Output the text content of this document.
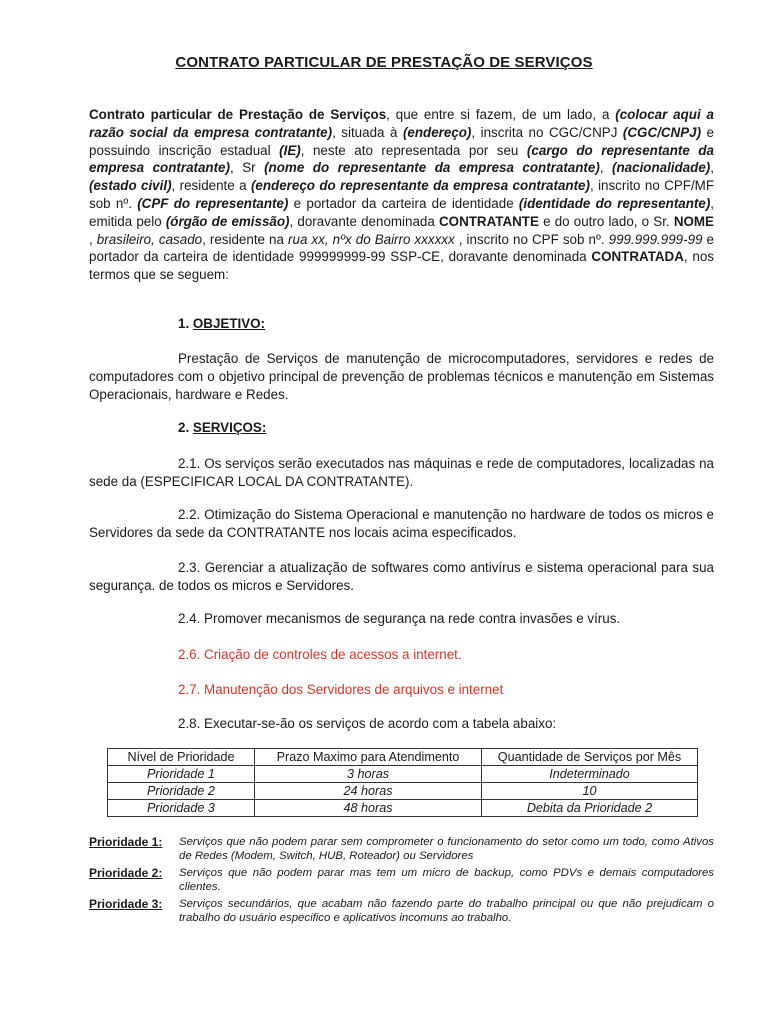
CONTRATO PARTICULAR DE PRESTAÇÃO DE SERVIÇOS
Contrato particular de Prestação de Serviços, que entre si fazem, de um lado, a (colocar aqui a razão social da empresa contratante), situada à (endereço), inscrita no CGC/CNPJ (CGC/CNPJ) e possuindo inscrição estadual (IE), neste ato representada por seu (cargo do representante da empresa contratante), Sr (nome do representante da empresa contratante), (nacionalidade), (estado civil), residente a (endereço do representante da empresa contratante), inscrito no CPF/MF sob nº. (CPF do representante) e portador da carteira de identidade (identidade do representante), emitida pelo (órgão de emissão), doravante denominada CONTRATANTE e do outro lado, o Sr. NOME , brasileiro, casado, residente na rua xx, nºx do Bairro xxxxxx , inscrito no CPF sob nº. 999.999.999-99 e portador da carteira de identidade 999999999-99 SSP-CE, doravante denominada CONTRATADA, nos termos que se seguem:
1. OBJETIVO:
Prestação de Serviços de manutenção de microcomputadores, servidores e redes de computadores com o objetivo principal de prevenção de problemas técnicos e manutenção em Sistemas Operacionais, hardware e Redes.
2. SERVIÇOS:
2.1. Os serviços serão executados nas máquinas e rede de computadores, localizadas na sede da (ESPECIFICAR LOCAL DA CONTRATANTE).
2.2. Otimização do Sistema Operacional e manutenção no hardware de todos os micros e Servidores da sede da CONTRATANTE nos locais acima especificados.
2.3. Gerenciar a atualização de softwares como antivírus e sistema operacional para sua segurança. de todos os micros e Servidores.
2.4. Promover mecanismos de segurança na rede contra invasões e vírus.
2.6. Criação de controles de acessos a internet.
2.7. Manutenção dos Servidores de arquivos e internet
2.8. Executar-se-ão os serviços de acordo com a tabela abaixo:
Nível de Prioridade	Prazo Maximo para Atendimento	Quantidade de Serviços por Mês
Prioridade 1	3 horas	Indeterminado
Prioridade 2	24 horas	10
Prioridade 3	48 horas	Debita da Prioridade 2
Prioridade 1:	Serviços que não podem parar sem comprometer o funcionamento do setor como um todo, como Ativos de Redes (Modem, Switch, HUB, Roteador) ou Servidores
Prioridade 2:	Serviços que não podem parar mas tem um micro de backup, como PDVs e demais computadores clientes.
Prioridade 3:	Serviços secundários, que acabam não fazendo parte do trabalho principal ou que não prejudicam o trabalho do usuário especifico e aplicativos incomuns ao trabalho.
